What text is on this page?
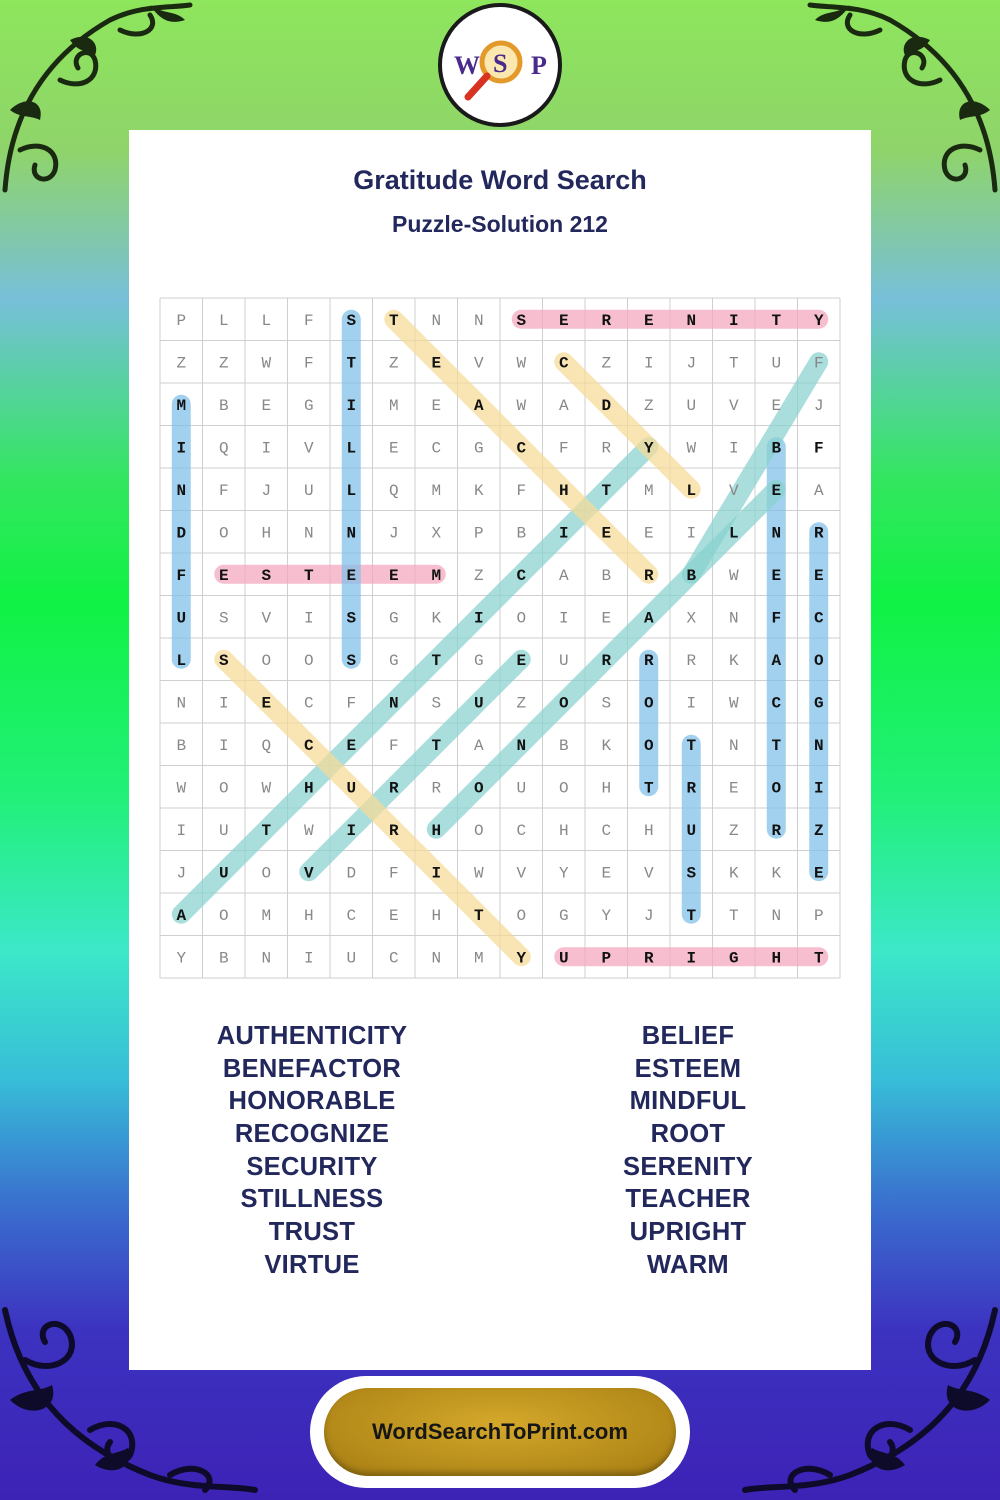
W S P
Gratitude Word Search
Puzzle-Solution 212
P L L F S T N N S E R E N I T Y
Z Z W F T Z E V W C Z I J T U F
M B E G I M E A W A D Z U V E J
I Q I V L E C G C F R Y W I B F
N F J U L Q M K F H T M L V E A
D O H N N J X P B I E E I L N R
F E S T E E M Z C A B R B W E E
U S V I S G K I O I E A X N F C
L S O O S G T G E U R R R K A O
N I E C F N S U Z O S O I W C G
B I Q C E F T A N B K O T N T N
W O W H U R R O U O H T R E O I
I U T W I R H O C H C H U Z R Z
J U O V D F I W V Y E V S K K E
A O M H C E H T O G Y J T T N P
Y B N I U C N M Y U P R I G H T
AUTHENTICITY
BENEFACTOR
HONORABLE
RECOGNIZE
SECURITY
STILLNESS
TRUST
VIRTUE
BELIEF
ESTEEM
MINDFUL
ROOT
SERENITY
TEACHER
UPRIGHT
WARM
WordSearchToPrint.com
